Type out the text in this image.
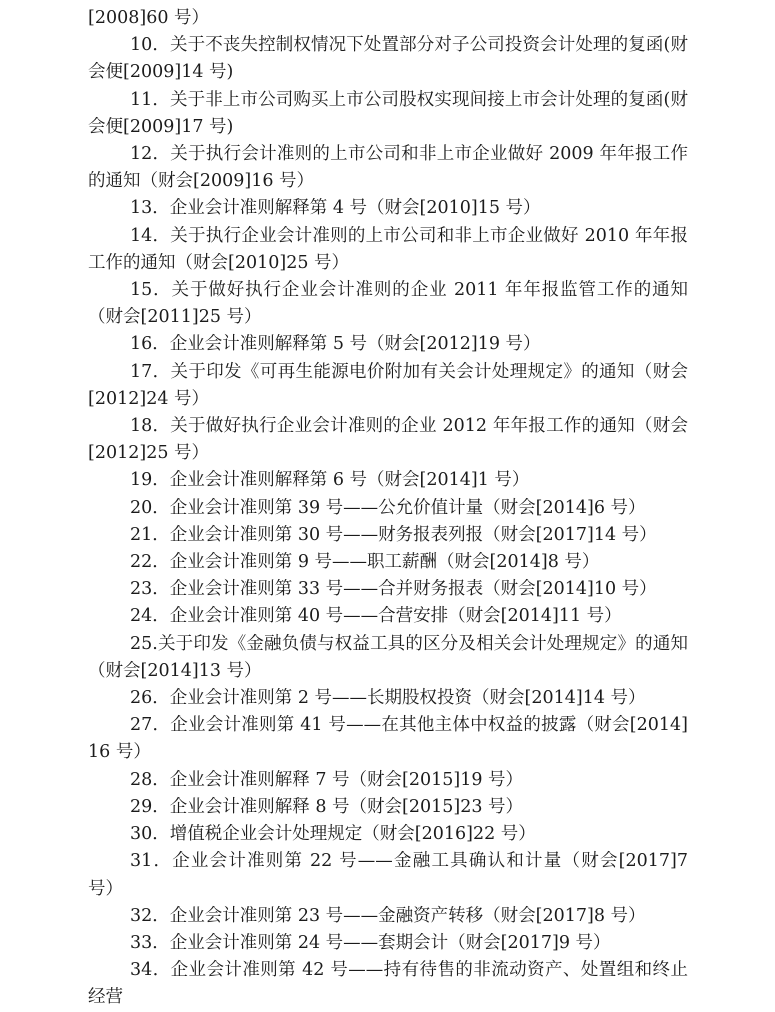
[2008]60 号）

10．关于不丧失控制权情况下处置部分对子公司投资会计处理的复函(财会便[2009]14 号)

11．关于非上市公司购买上市公司股权实现间接上市会计处理的复函(财会便[2009]17 号)

12．关于执行会计准则的上市公司和非上市企业做好 2009 年年报工作的通知（财会[2009]16 号）

13．企业会计准则解释第 4 号（财会[2010]15 号）

14．关于执行企业会计准则的上市公司和非上市企业做好 2010 年年报工作的通知（财会[2010]25 号）

15．关于做好执行企业会计准则的企业 2011 年年报监管工作的通知（财会[2011]25 号）

16．企业会计准则解释第 5 号（财会[2012]19 号）

17．关于印发《可再生能源电价附加有关会计处理规定》的通知（财会[2012]24 号）

18．关于做好执行企业会计准则的企业 2012 年年报工作的通知（财会[2012]25 号）

19．企业会计准则解释第 6 号（财会[2014]1 号）

20．企业会计准则第 39 号——公允价值计量（财会[2014]6 号）

21．企业会计准则第 30 号——财务报表列报（财会[2017]14 号）

22．企业会计准则第 9 号——职工薪酬（财会[2014]8 号）

23．企业会计准则第 33 号——合并财务报表（财会[2014]10 号）

24．企业会计准则第 40 号——合营安排（财会[2014]11 号）

25.关于印发《金融负债与权益工具的区分及相关会计处理规定》的通知（财会[2014]13 号）

26．企业会计准则第 2 号——长期股权投资（财会[2014]14 号）

27．企业会计准则第 41 号——在其他主体中权益的披露（财会[2014]16 号）

28．企业会计准则解释 7 号（财会[2015]19 号）

29．企业会计准则解释 8 号（财会[2015]23 号）

30．增值税企业会计处理规定（财会[2016]22 号）

31．企业会计准则第 22 号——金融工具确认和计量（财会[2017]7 号）

32．企业会计准则第 23 号——金融资产转移（财会[2017]8 号）

33．企业会计准则第 24 号——套期会计（财会[2017]9 号）

34．企业会计准则第 42 号——持有待售的非流动资产、处置组和终止经营
